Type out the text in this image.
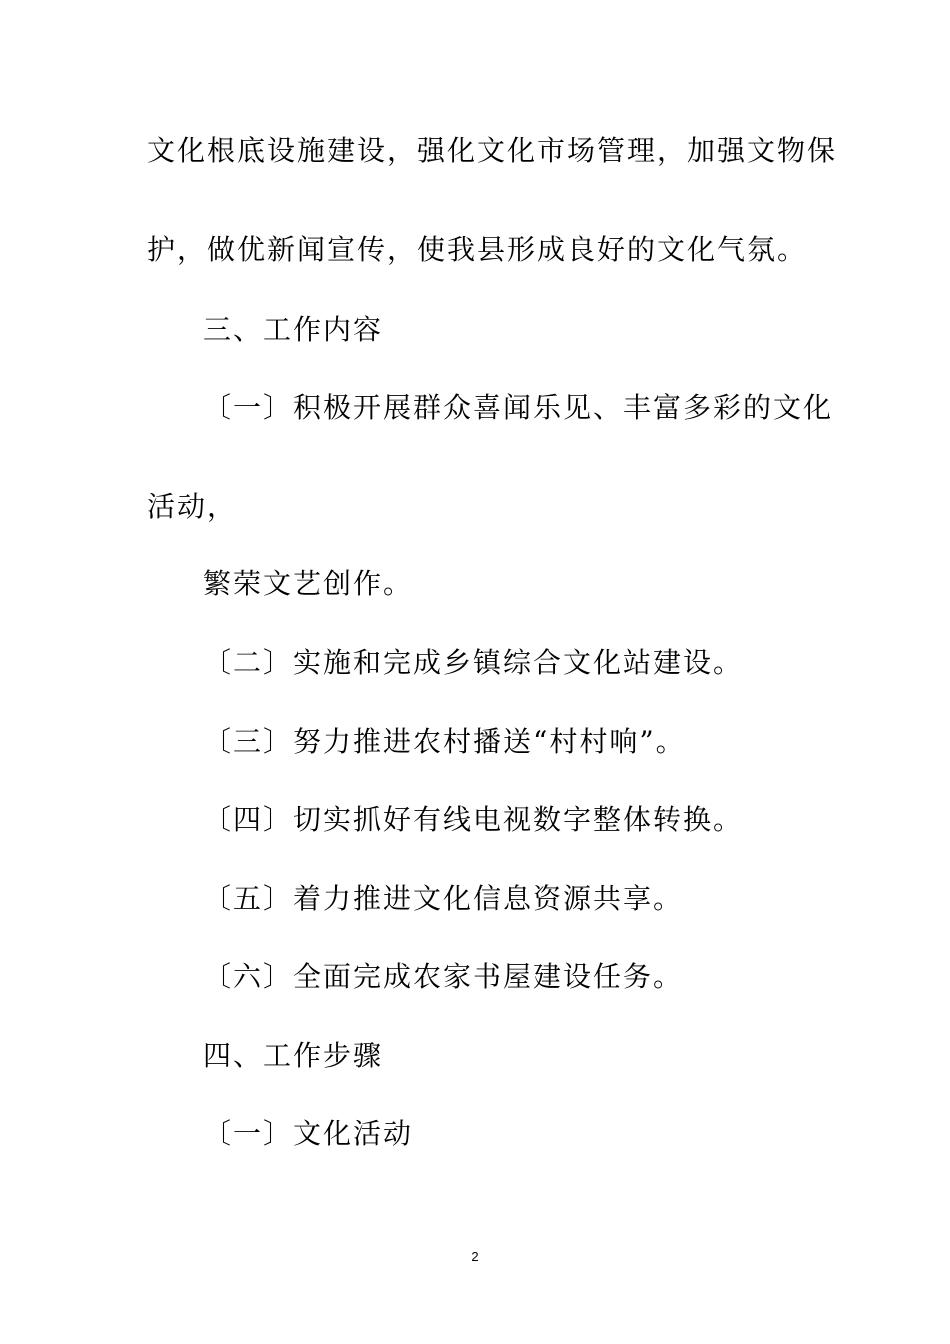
文化根底设施建设，强化文化市场管理，加强文物保

护，做优新闻宣传，使我县形成良好的文化气氛。

三、工作内容

〔一〕积极开展群众喜闻乐见、丰富多彩的文化

活动，

繁荣文艺创作。

〔二〕实施和完成乡镇综合文化站建设。

〔三〕努力推进农村播送“村村响”。

〔四〕切实抓好有线电视数字整体转换。

〔五〕着力推进文化信息资源共享。

〔六〕全面完成农家书屋建设任务。

四、工作步骤

〔一〕文化活动

2
